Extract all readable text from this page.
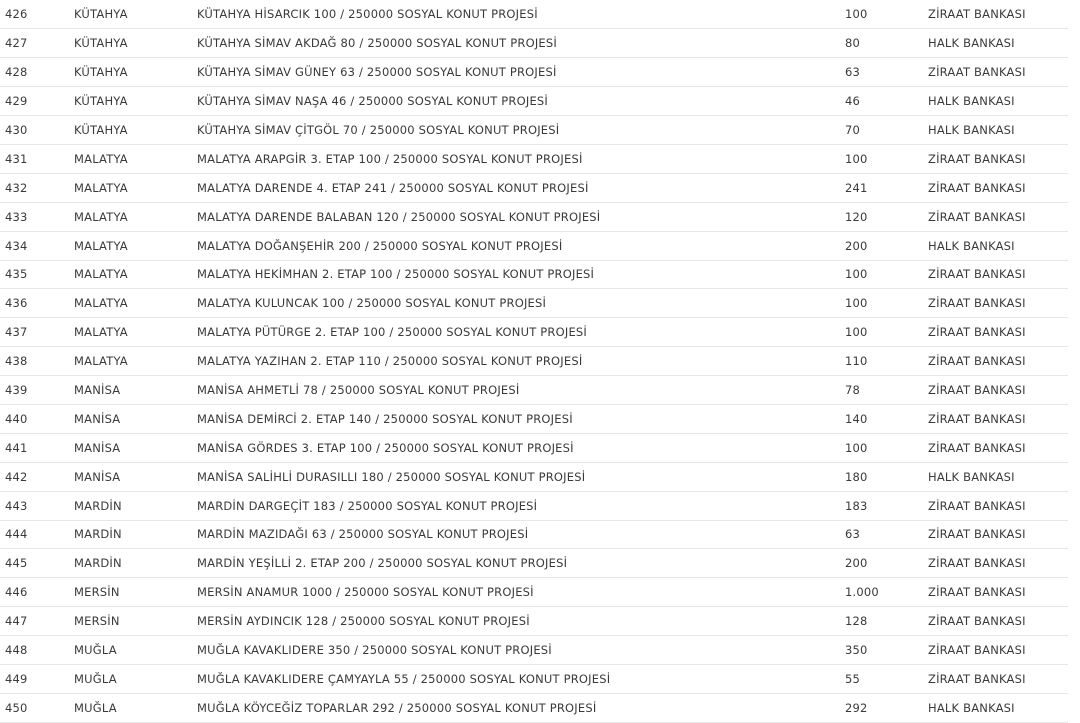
426	KÜTAHYA	KÜTAHYA HİSARCIK 100 / 250000 SOSYAL KONUT PROJESİ	100	ZİRAAT BANKASI
427	KÜTAHYA	KÜTAHYA SİMAV AKDAĞ 80 / 250000 SOSYAL KONUT PROJESİ	80	HALK BANKASI
428	KÜTAHYA	KÜTAHYA SİMAV GÜNEY 63 / 250000 SOSYAL KONUT PROJESİ	63	ZİRAAT BANKASI
429	KÜTAHYA	KÜTAHYA SİMAV NAŞA 46 / 250000 SOSYAL KONUT PROJESİ	46	HALK BANKASI
430	KÜTAHYA	KÜTAHYA SİMAV ÇİTGÖL 70 / 250000 SOSYAL KONUT PROJESİ	70	HALK BANKASI
431	MALATYA	MALATYA ARAPGİR 3. ETAP 100 / 250000 SOSYAL KONUT PROJESİ	100	ZİRAAT BANKASI
432	MALATYA	MALATYA DARENDE 4. ETAP 241 / 250000 SOSYAL KONUT PROJESİ	241	ZİRAAT BANKASI
433	MALATYA	MALATYA DARENDE BALABAN 120 / 250000 SOSYAL KONUT PROJESİ	120	ZİRAAT BANKASI
434	MALATYA	MALATYA DOĞANŞEHİR 200 / 250000 SOSYAL KONUT PROJESİ	200	HALK BANKASI
435	MALATYA	MALATYA HEKİMHAN 2. ETAP 100 / 250000 SOSYAL KONUT PROJESİ	100	ZİRAAT BANKASI
436	MALATYA	MALATYA KULUNCAK 100 / 250000 SOSYAL KONUT PROJESİ	100	ZİRAAT BANKASI
437	MALATYA	MALATYA PÜTÜRGE 2. ETAP 100 / 250000 SOSYAL KONUT PROJESİ	100	ZİRAAT BANKASI
438	MALATYA	MALATYA YAZIHAN 2. ETAP 110 / 250000 SOSYAL KONUT PROJESİ	110	ZİRAAT BANKASI
439	MANİSA	MANİSA AHMETLİ 78 / 250000 SOSYAL KONUT PROJESİ	78	ZİRAAT BANKASI
440	MANİSA	MANİSA DEMİRCİ 2. ETAP 140 / 250000 SOSYAL KONUT PROJESİ	140	ZİRAAT BANKASI
441	MANİSA	MANİSA GÖRDES 3. ETAP 100 / 250000 SOSYAL KONUT PROJESİ	100	ZİRAAT BANKASI
442	MANİSA	MANİSA SALİHLİ DURASILLI 180 / 250000 SOSYAL KONUT PROJESİ	180	HALK BANKASI
443	MARDİN	MARDİN DARGEÇİT 183 / 250000 SOSYAL KONUT PROJESİ	183	ZİRAAT BANKASI
444	MARDİN	MARDİN MAZIDAĞI 63 / 250000 SOSYAL KONUT PROJESİ	63	ZİRAAT BANKASI
445	MARDİN	MARDİN YEŞİLLİ 2. ETAP 200 / 250000 SOSYAL KONUT PROJESİ	200	ZİRAAT BANKASI
446	MERSİN	MERSİN ANAMUR 1000 / 250000 SOSYAL KONUT PROJESİ	1.000	ZİRAAT BANKASI
447	MERSİN	MERSİN AYDINCIK 128 / 250000 SOSYAL KONUT PROJESİ	128	ZİRAAT BANKASI
448	MUĞLA	MUĞLA KAVAKLIDERE 350 / 250000 SOSYAL KONUT PROJESİ	350	ZİRAAT BANKASI
449	MUĞLA	MUĞLA KAVAKLIDERE ÇAMYAYLA 55 / 250000 SOSYAL KONUT PROJESİ	55	ZİRAAT BANKASI
450	MUĞLA	MUĞLA KÖYCEĞİZ TOPARLAR 292 / 250000 SOSYAL KONUT PROJESİ	292	HALK BANKASI
